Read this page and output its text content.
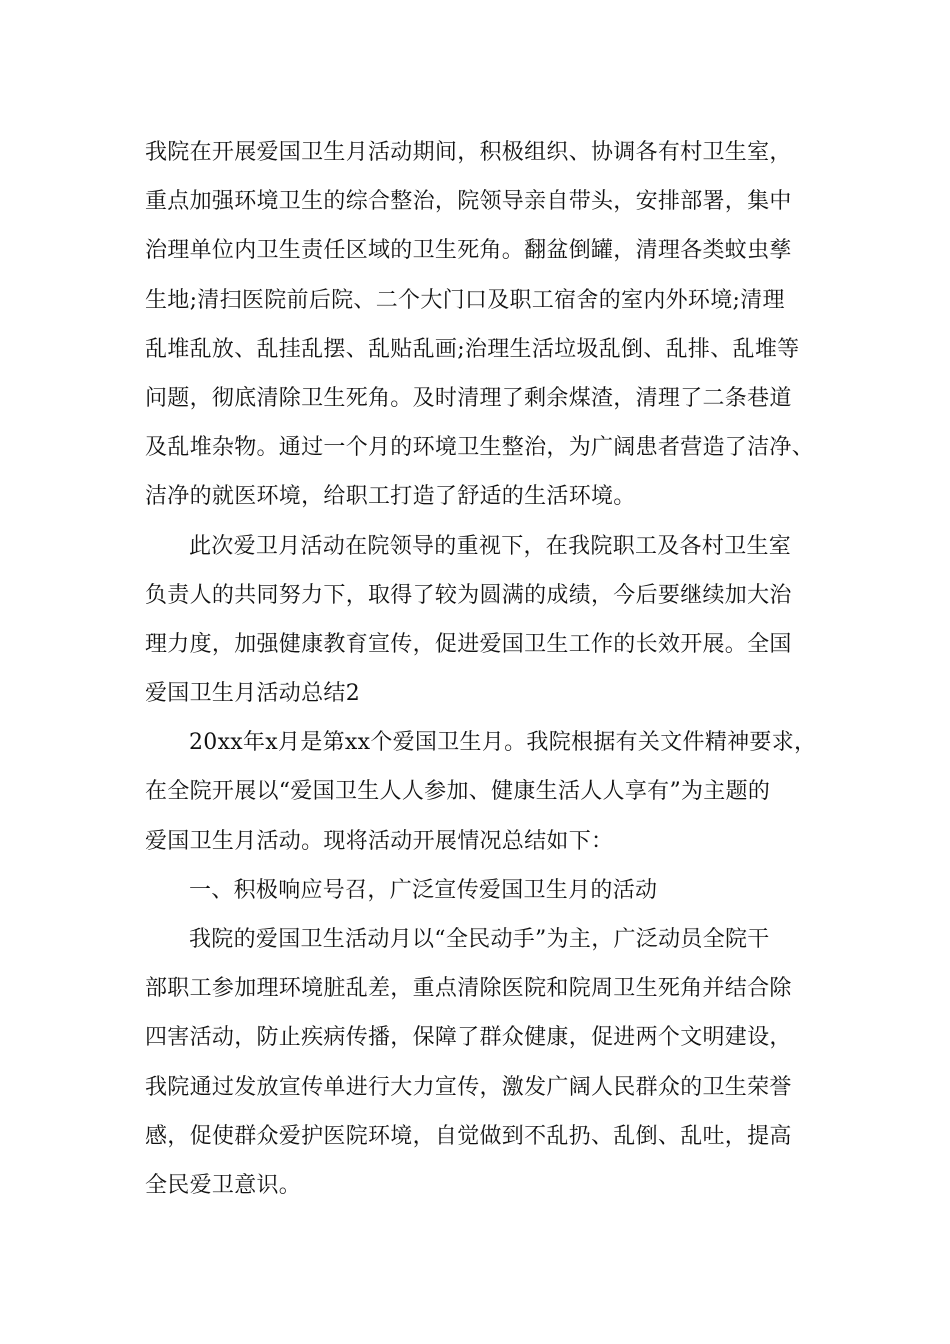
我院在开展爱国卫生月活动期间，积极组织、协调各有村卫生室，
重点加强环境卫生的综合整治，院领导亲自带头，安排部署，集中
治理单位内卫生责任区域的卫生死角。翻盆倒罐，清理各类蚊虫孳
生地;清扫医院前后院、二个大门口及职工宿舍的室内外环境;清理
乱堆乱放、乱挂乱摆、乱贴乱画;治理生活垃圾乱倒、乱排、乱堆等
问题，彻底清除卫生死角。及时清理了剩余煤渣，清理了二条巷道
及乱堆杂物。通过一个月的环境卫生整治，为广阔患者营造了洁净、
洁净的就医环境，给职工打造了舒适的生活环境。
此次爱卫月活动在院领导的重视下，在我院职工及各村卫生室
负责人的共同努力下，取得了较为圆满的成绩，今后要继续加大治
理力度，加强健康教育宣传，促进爱国卫生工作的长效开展。全国
爱国卫生月活动总结2
20xx年x月是第xx个爱国卫生月。我院根据有关文件精神要求，
在全院开展以“爱国卫生人人参加、健康生活人人享有”为主题的
爱国卫生月活动。现将活动开展情况总结如下：
一、积极响应号召，广泛宣传爱国卫生月的活动
我院的爱国卫生活动月以“全民动手”为主，广泛动员全院干
部职工参加理环境脏乱差，重点清除医院和院周卫生死角并结合除
四害活动，防止疾病传播，保障了群众健康，促进两个文明建设，
我院通过发放宣传单进行大力宣传，激发广阔人民群众的卫生荣誉
感，促使群众爱护医院环境，自觉做到不乱扔、乱倒、乱吐，提高
全民爱卫意识。
